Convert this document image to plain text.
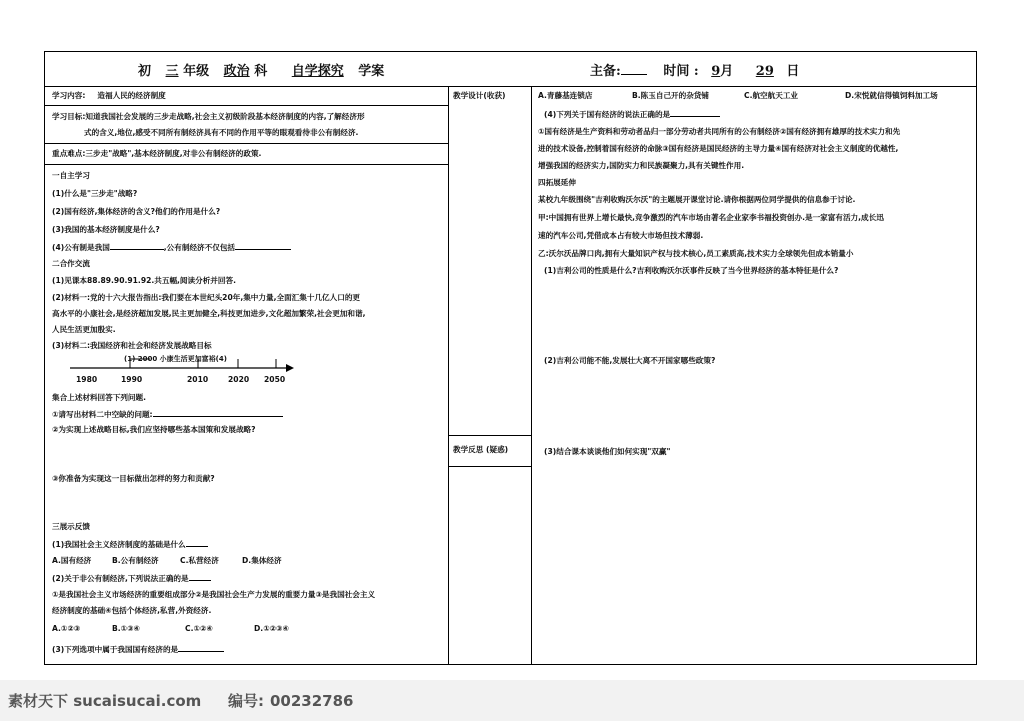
初 三 年级 政治 科 自学探究 学案	主备:	时间 : 9月 29 日
学习内容: 造福人民的经济制度
学习目标:知道我国社会发展的三步走战略,社会主义初级阶段基本经济制度的内容,了解经济形
式的含义,地位,感受不同所有制经济具有不同的作用平等的眼观看待非公有制经济.
重点难点:三步走"战略",基本经济制度,对非公有制经济的政策.
一自主学习
(1)什么是"三步走"战略?
(2)国有经济,集体经济的含义?他们的作用是什么?
(3)我国的基本经济制度是什么?
(4)公有制是我国	,公有制经济不仅包括
二合作交流
(1)见课本88.89.90.91.92.共五幅,阅读分析并回答.
(2)材料一:党的十六大报告指出:我们要在本世纪头20年,集中力量,全面汇集十几亿人口的更
高水平的小康社会,是经济超加发展,民主更加健全,科技更加进步,文化超加繁荣,社会更加和谐,
人民生活更加殷实.
(3)材料二:我国经济和社会和经济发展战略目标
(1) 2000 小康生活更加富裕(4)
1980	1990	2010	2020 2050
集合上述材料回答下列问题.
①请写出材料二中空缺的问题:
②为实现上述战略目标,我们应坚持哪些基本国策和发展战略?
③你准备为实现这一目标做出怎样的努力和贡献?
三展示反馈
(1)我国社会主义经济制度的基础是什么
A.国有经济	B.公有制经济	C.私营经济	D.集体经济
(2)关于非公有制经济,下列说法正确的是
①是我国社会主义市场经济的重要组成部分②是我国社会生产力发展的重要力量③是我国社会主义
经济制度的基础④包括个体经济,私营,外资经济.
A.①②③	B.①③④	C.①②④	D.①②③④
(3)下列选项中属于我国国有经济的是
教学设计(收获)
教学反思 (疑惑)
A.青藤基连锁店	B.陈玉自己开的杂货铺	C.航空航天工业	D.宋悦就信得镇饲料加工场
(4)下列关于国有经济的说法正确的是
①国有经济是生产资料和劳动者品归一部分劳动者共同所有的公有制经济②国有经济拥有雄厚的技术实力和先
进的技术设备,控制着国有经济的命脉③国有经济是国民经济的主导力量④国有经济对社会主义制度的优越性,
增强我国的经济实力,国防实力和民族凝聚力,具有关键性作用.
四拓展延伸
某校九年级围绕"吉利收购沃尔沃"的主题展开课堂讨论.请你根据两位同学提供的信息参于讨论.
甲:中国拥有世界上增长最快,竞争激烈的汽车市场由著名企业家李书福投资创办.是一家富有活力,成长迅
速的汽车公司,凭借成本占有较大市场但技术薄弱.
乙:沃尔沃品牌口肉,拥有大量知识产权与技术核心,员工素质高,技术实力全球领先但成本销量小
(1)吉利公司的性质是什么?吉利收购沃尔沃事件反映了当今世界经济的基本特征是什么?
(2)吉利公司能不能,发展壮大离不开国家哪些政策?
(3)结合课本谈谈他们如何实现"双赢"
素材天下 sucaisucai.com 编号: 00232786
